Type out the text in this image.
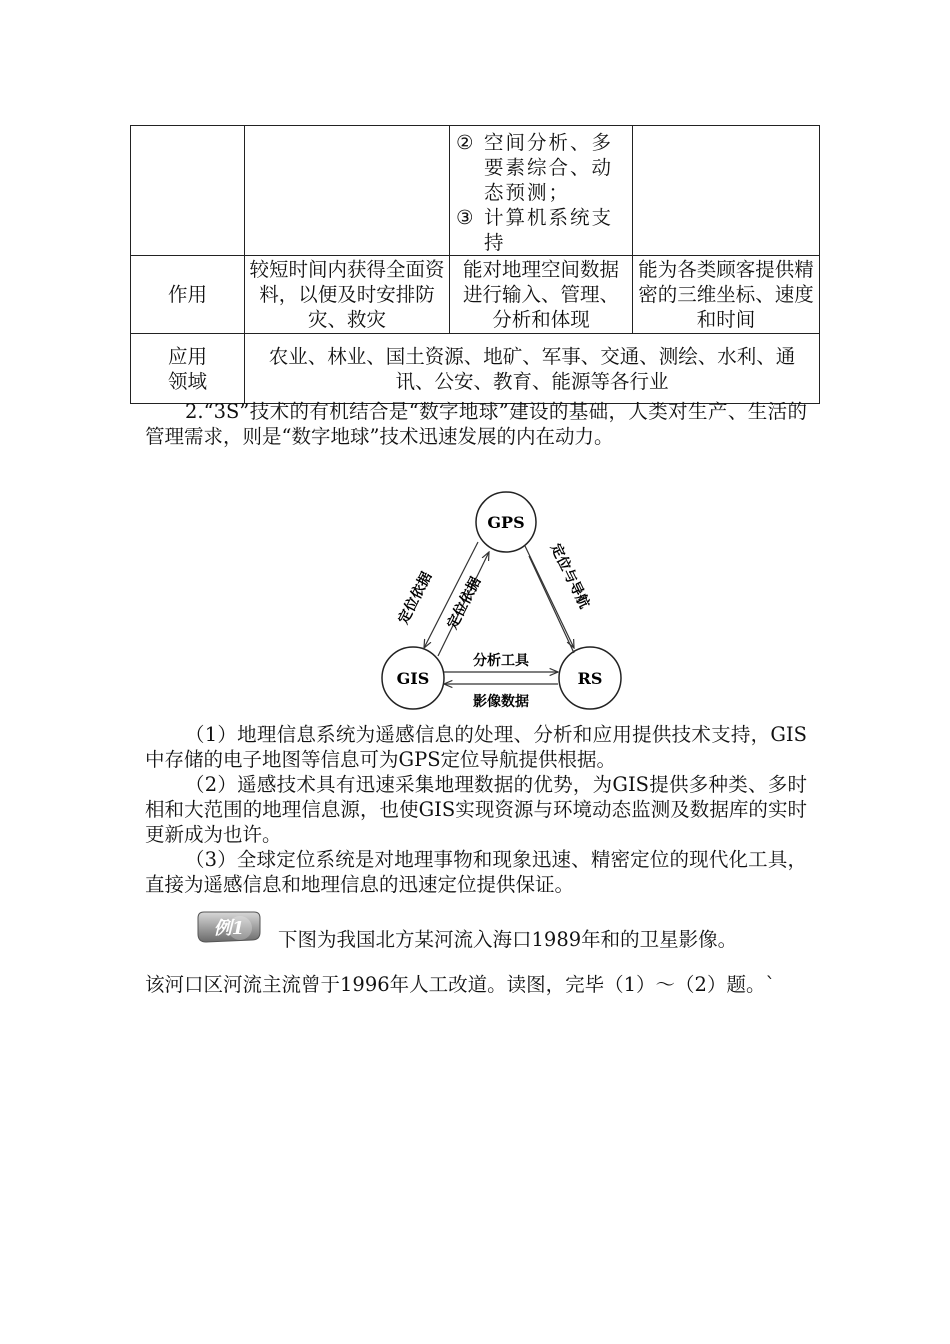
		② 空间分析、多要素综合、动态预测；
③ 计算机系统支持	

作用	较短时间内获得全面资料，以便及时安排防灾、救灾	能对地理空间数据进行输入、管理、分析和体现	能为各类顾客提供精密的三维坐标、速度和时间
应用领域	农业、林业、国土资源、地矿、军事、交通、测绘、水利、通讯、公安、教育、能源等各行业		
2.“3S”技术的有机结合是“数字地球”建设的基础，人类对生产、生活的管理需求，则是“数字地球”技术迅速发展的内在动力。
GPS
GIS	RS
定位依据 定位依据	定位与导航
分析工具
影像数据
（1）地理信息系统为遥感信息的处理、分析和应用提供技术支持，GIS中存储的电子地图等信息可为GPS定位导航提供根据。
（2）遥感技术具有迅速采集地理数据的优势，为GIS提供多种类、多时相和大范围的地理信息源，也使GIS实现资源与环境动态监测及数据库的实时更新成为也许。
（3）全球定位系统是对地理事物和现象迅速、精密定位的现代化工具，直接为遥感信息和地理信息的迅速定位提供保证。
例1 下图为我国北方某河流入海口1989年和的卫星影像。
该河口区河流主流曾于1996年人工改道。读图，完毕（1）～（2）题。`
